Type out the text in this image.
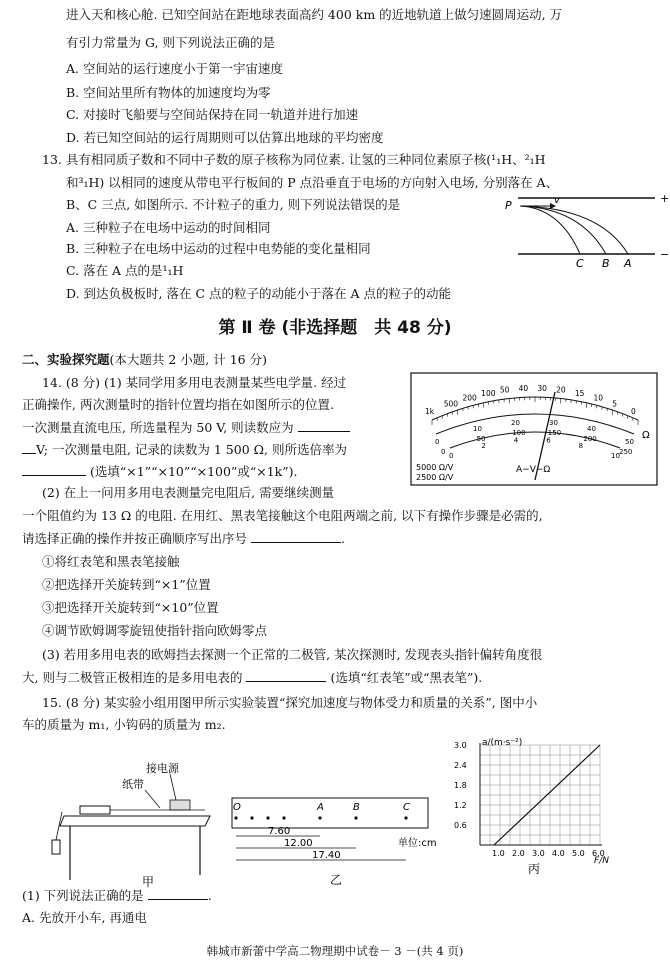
进入天和核心舱. 已知空间站在距地球表面高约 400 km 的近地轨道上做匀速圆周运动, 万
有引力常量为 G, 则下列说法正确的是
A. 空间站的运行速度小于第一宇宙速度
B. 空间站里所有物体的加速度均为零
C. 对接时飞船要与空间站保持在同一轨道并进行加速
D. 若已知空间站的运行周期则可以估算出地球的平均密度
13. 具有相同质子数和不同中子数的原子核称为同位素. 让氢的三种同位素原子核(¹₁H、²₁H
和³₁H) 以相同的速度从带电平行板间的 P 点沿垂直于电场的方向射入电场, 分别落在 A、
B、C 三点, 如图所示. 不计粒子的重力, 则下列说法错误的是
A. 三种粒子在电场中运动的时间相同
B. 三种粒子在电场中运动的过程中电势能的变化量相同
C. 落在 A 点的是¹₁H
D. 到达负极板时, 落在 C 点的粒子的动能小于落在 A 点的粒子的动能
+
−
P	v
C B A
第 Ⅱ 卷 (非选择题　共 48 分)
二、实验探究题(本大题共 2 小题, 计 16 分)
14. (8 分) (1) 某同学用多用电表测量某些电学量. 经过
正确操作, 两次测量时的指针位置均指在如图所示的位置.
一次测量直流电压, 所选量程为 50 V, 则读数应为
V; 一次测量电阻, 记录的读数为 1 500 Ω, 则所选倍率为
(选填“×1”“×10”“×100”或“×1k”).
(2) 在上一问用多用电表测量完电阻后, 需要继续测量
一个阻值约为 13 Ω 的电阻. 在用红、黑表笔接触这个电阻两端之前, 以下有操作步骤是必需的,
请选择正确的操作并按正确顺序写出序号	.
①将红表笔和黑表笔接触
②把选择开关旋转到“×1”位置
③把选择开关旋转到“×10”位置
④调节欧姆调零旋钮使指针指向欧姆零点
(3) 若用多用电表的欧姆挡去探测一个正常的二极管, 某次探测时, 发现表头指针偏转角度很
大, 则与二极管正极相连的是多用电表的	(选填“红表笔”或“黑表笔”).
1k
500
200
100 50 40 30 20 15
10
5
0
0
10
20	30
40
50
0
50
100	150
200
250
0
2
4	6
8
10
Ω
5000 Ω/V
2500 Ω/V
A−V−Ω
15. (8 分) 某实验小组用图甲所示实验装置“探究加速度与物体受力和质量的关系”, 图中小
车的质量为 m₁, 小钩码的质量为 m₂.
纸带
接电源
甲
O	A	B	C
7.60
12.00
17.40
单位:cm
乙
0.6
1.2
1.8
2.4
3.0
1.0 2.0 3.0 4.0 5.0 6.0
a/(m·s⁻²)
F/N
丙
(1) 下列说法正确的是	.
A. 先放开小车, 再通电
韩城市新蕾中学高二物理期中试卷－ 3 －(共 4 页)
